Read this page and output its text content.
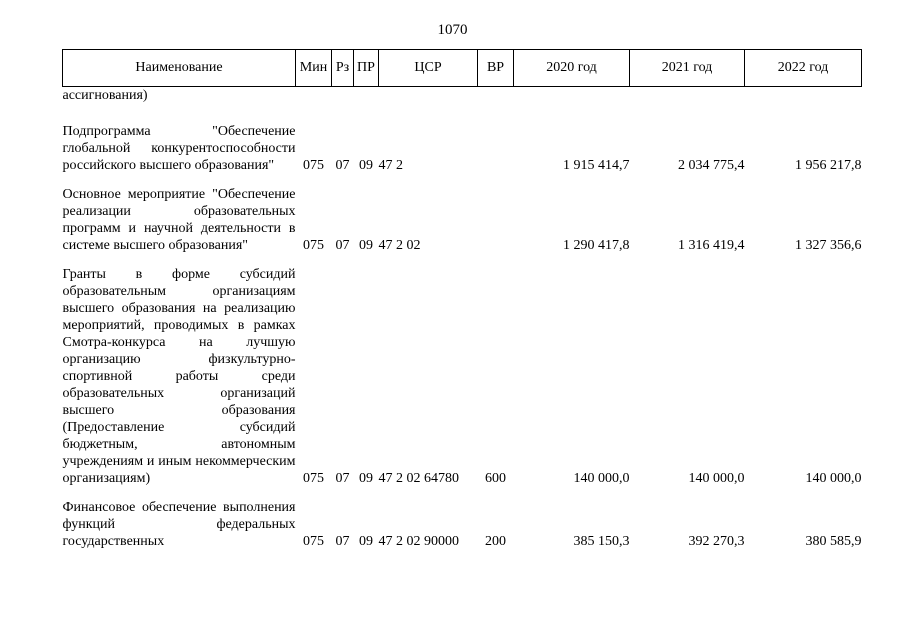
1070
Наименование	Мин	Рз	ПР	ЦСР	ВР	2020 год	2021 год	2022 год
ассигнования)								
Подпрограмма "Обеспечение глобальной конкурентоспособности российского высшего образования"	075	07	09	47 2		1 915 414,7	2 034 775,4	1 956 217,8
Основное мероприятие "Обеспечение реализации образовательных программ и научной деятельности в системе высшего образования"	075	07	09	47 2 02		1 290 417,8	1 316 419,4	1 327 356,6
Гранты в форме субсидий образовательным организациям высшего образования на реализацию мероприятий, проводимых в рамках Смотра-конкурса на лучшую организацию физкультурно-спортивной работы среди образовательных организаций высшего образования (Предоставление субсидий бюджетным, автономным учреждениям и иным некоммерческим организациям)	075	07	09	47 2 02 64780	600	140 000,0	140 000,0	140 000,0
Финансовое обеспечение выполнения функций федеральных государственных	075	07	09	47 2 02 90000	200	385 150,3	392 270,3	380 585,9
